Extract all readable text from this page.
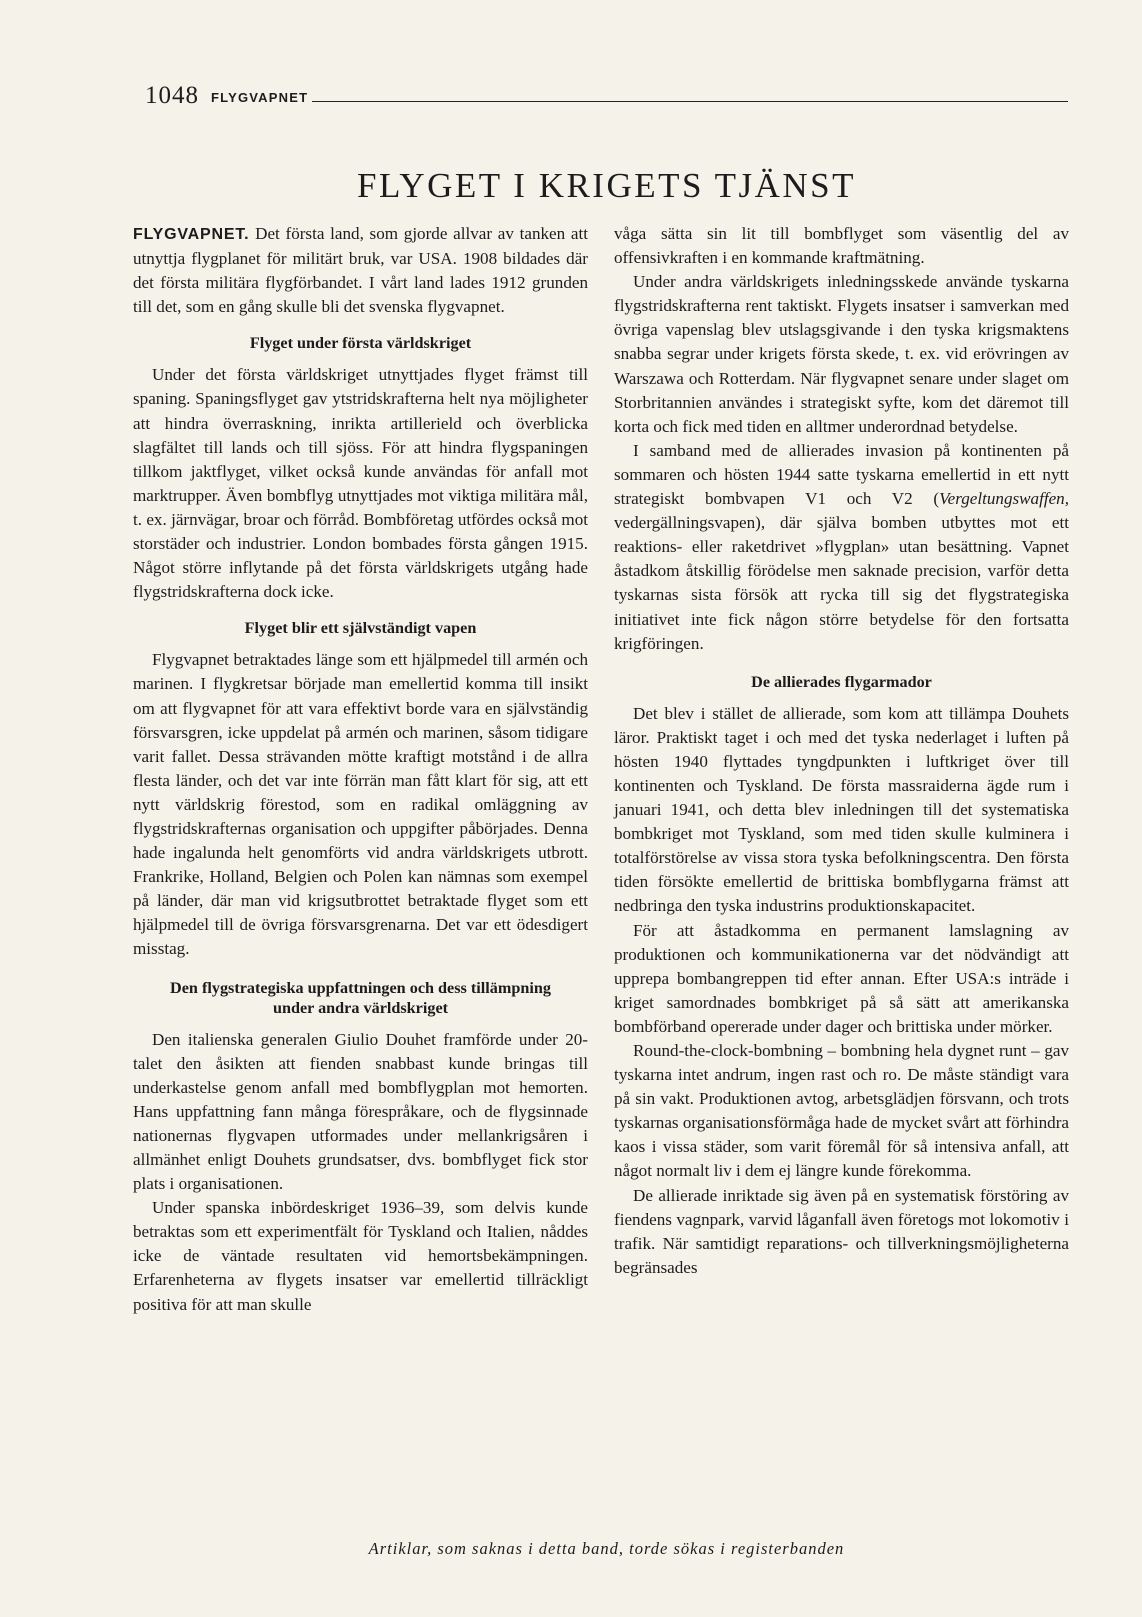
1048 FLYGVAPNET
FLYGET I KRIGETS TJÄNST

FLYGVAPNET. Det första land, som gjorde allvar av tanken att utnyttja flygplanet för militärt bruk, var USA. 1908 bildades där det första militära flygförbandet. I vårt land lades 1912 grunden till det, som en gång skulle bli det svenska flygvapnet.

Flyget under första världskriget

Under det första världskriget utnyttjades flyget främst till spaning. Spaningsflyget gav ytstridskrafterna helt nya möjligheter att hindra överraskning, inrikta artillerield och överblicka slagfältet till lands och till sjöss. För att hindra flygspaningen tillkom jaktflyget, vilket också kunde användas för anfall mot marktrupper. Även bombflyg utnyttjades mot viktiga militära mål, t. ex. järnvägar, broar och förråd. Bombföretag utfördes också mot storstäder och industrier. London bombades första gången 1915. Något större inflytande på det första världskrigets utgång hade flygstridskrafterna dock icke.

Flyget blir ett självständigt vapen

Flygvapnet betraktades länge som ett hjälpmedel till armén och marinen. I flygkretsar började man emellertid komma till insikt om att flygvapnet för att vara effektivt borde vara en självständig försvarsgren, icke uppdelat på armén och marinen, såsom tidigare varit fallet. Dessa strävanden mötte kraftigt motstånd i de allra flesta länder, och det var inte förrän man fått klart för sig, att ett nytt världskrig förestod, som en radikal omläggning av flygstridskrafternas organisation och uppgifter påbörjades. Denna hade ingalunda helt genomförts vid andra världskrigets utbrott. Frankrike, Holland, Belgien och Polen kan nämnas som exempel på länder, där man vid krigsutbrottet betraktade flyget som ett hjälpmedel till de övriga försvarsgrenarna. Det var ett ödesdigert misstag.

Den flygstrategiska uppfattningen och dess tillämpning
under andra världskriget

Den italienska generalen Giulio Douhet framförde under 20-talet den åsikten att fienden snabbast kunde bringas till underkastelse genom anfall med bombflygplan mot hemorten. Hans uppfattning fann många förespråkare, och de flygsinnade nationernas flygvapen utformades under mellankrigsåren i allmänhet enligt Douhets grundsatser, dvs. bombflyget fick stor plats i organisationen.

Under spanska inbördeskriget 1936–39, som delvis kunde betraktas som ett experimentfält för Tyskland och Italien, nåddes icke de väntade resultaten vid hemortsbekämpningen. Erfarenheterna av flygets insatser var emellertid tillräckligt positiva för att man skulle

våga sätta sin lit till bombflyget som väsentlig del av offensivkraften i en kommande kraftmätning.

Under andra världskrigets inledningsskede använde tyskarna flygstridskrafterna rent taktiskt. Flygets insatser i samverkan med övriga vapenslag blev utslagsgivande i den tyska krigsmaktens snabba segrar under krigets första skede, t. ex. vid erövringen av Warszawa och Rotterdam. När flygvapnet senare under slaget om Storbritannien användes i strategiskt syfte, kom det däremot till korta och fick med tiden en alltmer underordnad betydelse.

I samband med de allierades invasion på kontinenten på sommaren och hösten 1944 satte tyskarna emellertid in ett nytt strategiskt bombvapen V1 och V2 (Vergeltungswaffen, vedergällningsvapen), där själva bomben utbyttes mot ett reaktions- eller raketdrivet »flygplan» utan besättning. Vapnet åstadkom åtskillig förödelse men saknade precision, varför detta tyskarnas sista försök att rycka till sig det flygstrategiska initiativet inte fick någon större betydelse för den fortsatta krigföringen.

De allierades flygarmador

Det blev i stället de allierade, som kom att tillämpa Douhets läror. Praktiskt taget i och med det tyska nederlaget i luften på hösten 1940 flyttades tyngdpunkten i luftkriget över till kontinenten och Tyskland. De första massraiderna ägde rum i januari 1941, och detta blev inledningen till det systematiska bombkriget mot Tyskland, som med tiden skulle kulminera i totalförstörelse av vissa stora tyska befolkningscentra. Den första tiden försökte emellertid de brittiska bombflygarna främst att nedbringa den tyska industrins produktionskapacitet.

För att åstadkomma en permanent lamslagning av produktionen och kommunikationerna var det nödvändigt att upprepa bombangreppen tid efter annan. Efter USA:s inträde i kriget samordnades bombkriget på så sätt att amerikanska bombförband opererade under dager och brittiska under mörker.

Round-the-clock-bombning – bombning hela dygnet runt – gav tyskarna intet andrum, ingen rast och ro. De måste ständigt vara på sin vakt. Produktionen avtog, arbetsglädjen försvann, och trots tyskarnas organisationsförmåga hade de mycket svårt att förhindra kaos i vissa städer, som varit föremål för så intensiva anfall, att något normalt liv i dem ej längre kunde förekomma.

De allierade inriktade sig även på en systematisk förstöring av fiendens vagnpark, varvid låganfall även företogs mot lokomotiv i trafik. När samtidigt reparations- och tillverkningsmöjligheterna begränsades

Artiklar, som saknas i detta band, torde sökas i registerbanden
